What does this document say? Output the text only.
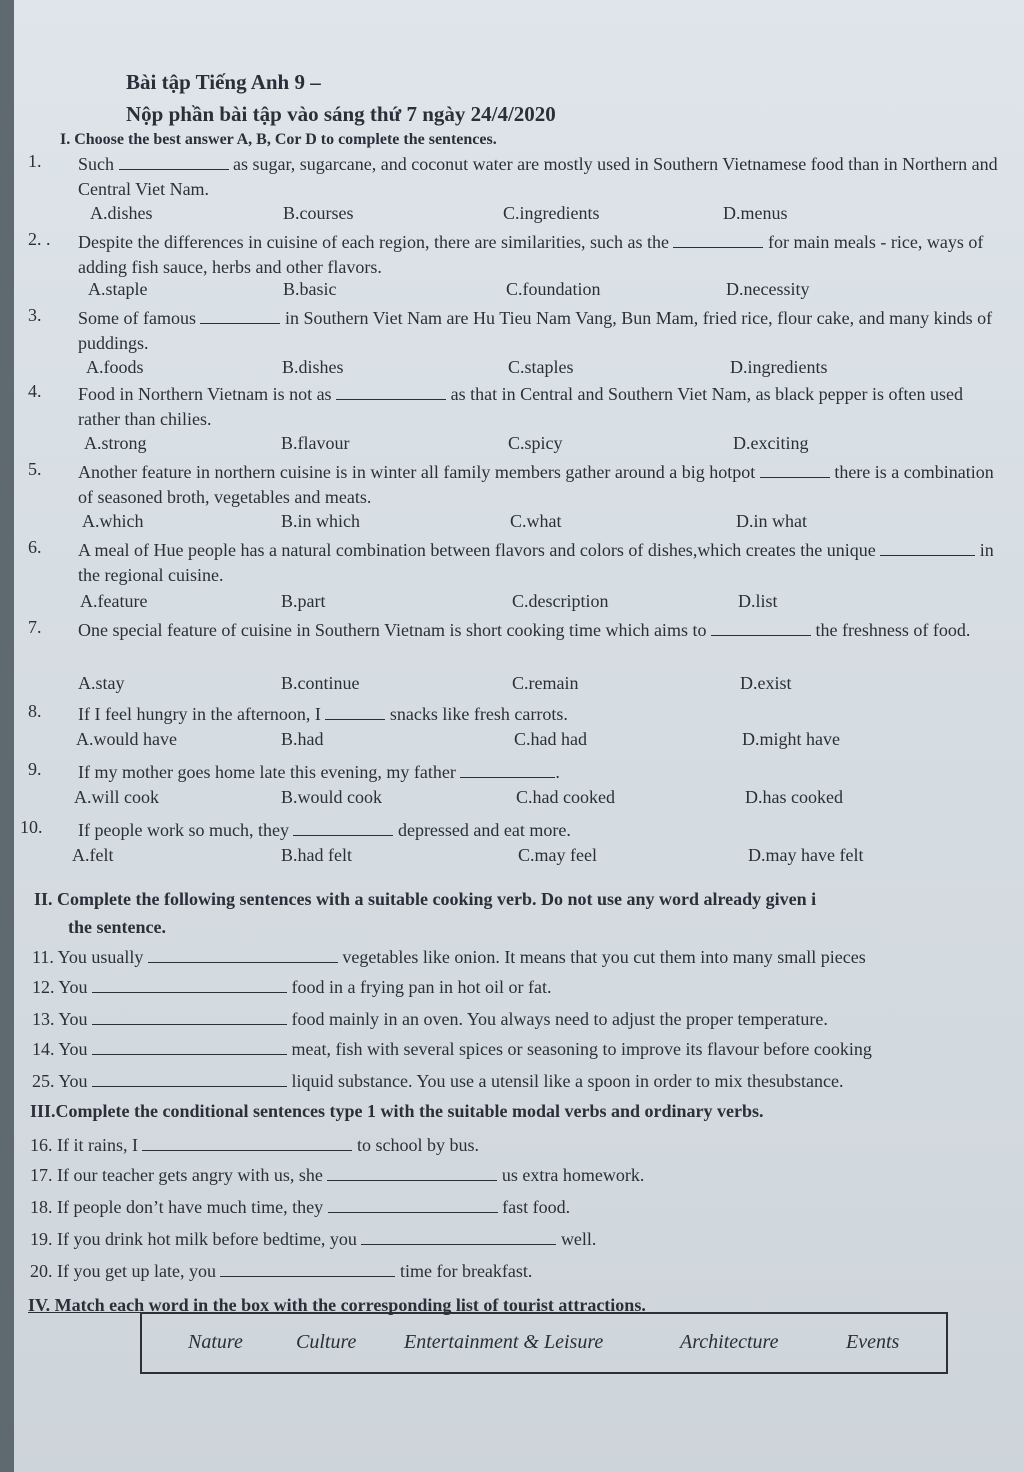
Bài tập Tiếng Anh 9 –
Nộp phần bài tập vào sáng thứ 7 ngày 24/4/2020
I. Choose the best answer A, B, Cor D to complete the sentences.
1.	Such	as sugar, sugarcane, and coconut water are mostly used in Southern Vietnamese food than in Northern and Central Viet Nam.
A.dishes	B.courses	C.ingredients	D.menus
2. .	Despite the differences in cuisine of each region, there are similarities, such as the	for main meals - rice, ways of adding fish sauce, herbs and other flavors.
A.staple	B.basic	C.foundation	D.necessity
3.	Some of famous	in Southern Viet Nam are Hu Tieu Nam Vang, Bun Mam, fried rice, flour cake, and many kinds of puddings.
A.foods	B.dishes	C.staples	D.ingredients
4.	Food in Northern Vietnam is not as	as that in Central and Southern Viet Nam, as black pepper is often used rather than chilies.
A.strong	B.flavour	C.spicy	D.exciting
5.	Another feature in northern cuisine is in winter all family members gather around a big hotpot	there is a combination of seasoned broth, vegetables and meats.
A.which	B.in which	C.what	D.in what
6.	A meal of Hue people has a natural combination between flavors and colors of dishes,which creates the unique	in the regional cuisine.
A.feature	B.part	C.description	D.list
7.	One special feature of cuisine in Southern Vietnam is short cooking time which aims to	the freshness of food.
A.stay	B.continue	C.remain	D.exist
8.	If I feel hungry in the afternoon, I	snacks like fresh carrots.
A.would have	B.had	C.had had	D.might have
9.	If my mother goes home late this evening, my father	.
A.will cook	B.would cook	C.had cooked	D.has cooked
10.	If people work so much, they	depressed and eat more.
A.felt	B.had felt	C.may feel	D.may have felt
II. Complete the following sentences with a suitable cooking verb. Do not use any word already given i
the sentence.
11. You usually	vegetables like onion. It means that you cut them into many small pieces
12. You	food in a frying pan in hot oil or fat.
13. You	food mainly in an oven. You always need to adjust the proper temperature.
14. You	meat, fish with several spices or seasoning to improve its flavour before cooking
25. You	liquid substance. You use a utensil like a spoon in order to mix thesubstance.
III.Complete the conditional sentences type 1 with the suitable modal verbs and ordinary verbs.
16. If it rains, I	to school by bus.
17. If our teacher gets angry with us, she	us extra homework.
18. If people don’t have much time, they	fast food.
19. If you drink hot milk before bedtime, you	well.
20. If you get up late, you	time for breakfast.
IV. Match each word in the box with the corresponding list of tourist attractions.
Nature	Culture Entertainment & Leisure	Architecture	Events
